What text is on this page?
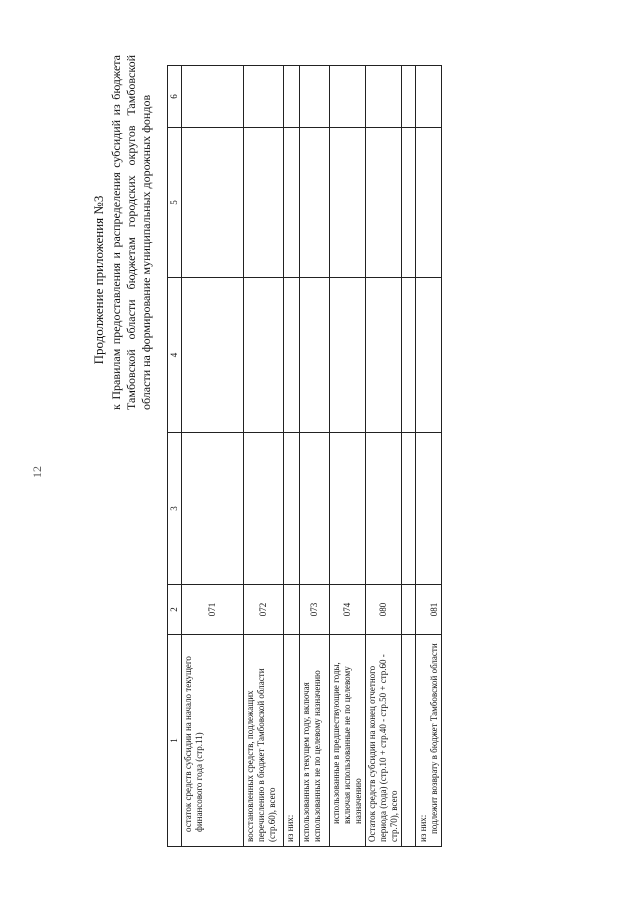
12
Продолжение приложения №3 к Правилам предоставления и распределения субсидий из бюджета Тамбовской области бюджетам городских округов Тамбовской области на формирование муниципальных дорожных фондов
1	2	3	4	5	6
остаток средств субсидии на начало текущего финансового года (стр.11)	071				
восстановленных средств, подлежащих перечислению в бюджет Тамбовской области (стр.60), всего	072				
из них:					
использованных в текущем году, включая использованных не по целевому назначению	073				
использованные в предшествующие годы, включая использованные не по целевому назначению	074				
Остаток средств субсидии на конец отчетного периода (года) (стр.10 + стр.40 - стр.50 + стр.60 - стр.70), всего	080				

из них: подлежит возврату в бюджет Тамбовской области	081				
